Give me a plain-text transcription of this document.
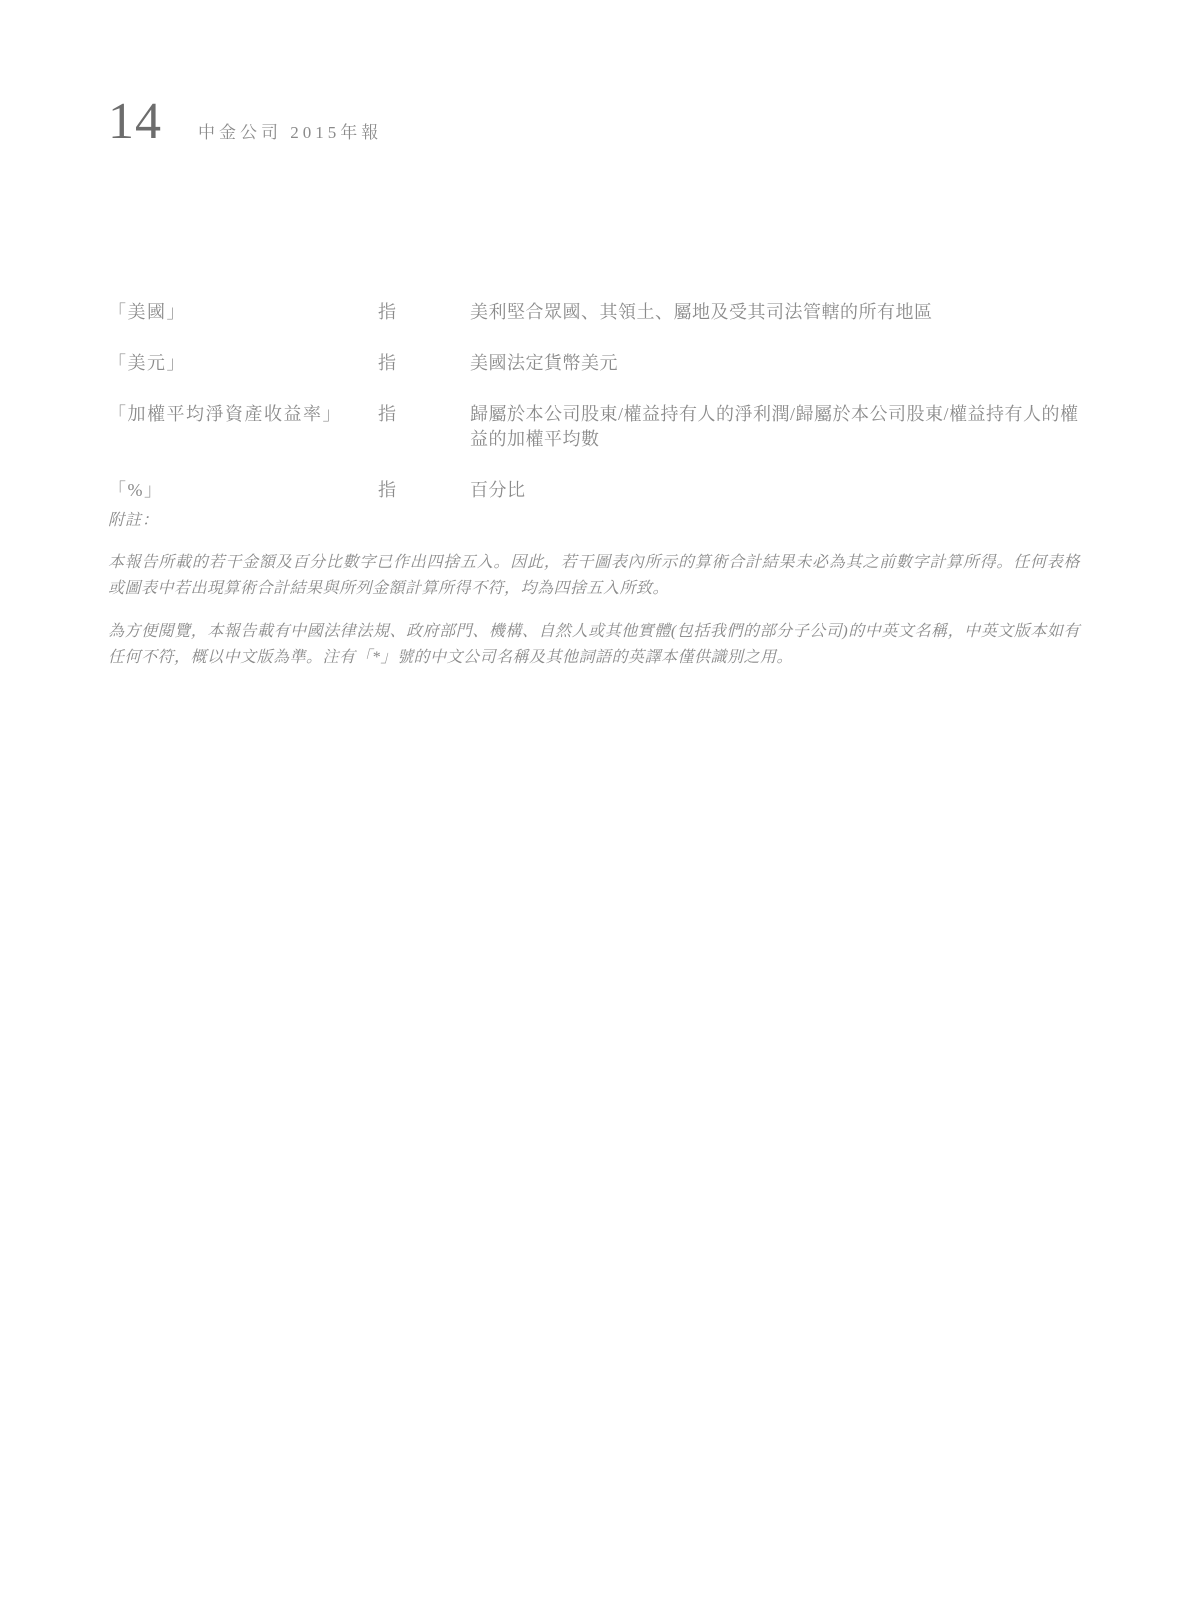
14 中金公司 2015年報
「美國」	指	美利堅合眾國、其領土、屬地及受其司法管轄的所有地區
「美元」	指	美國法定貨幣美元
「加權平均淨資產收益率」	指	歸屬於本公司股東/權益持有人的淨利潤/歸屬於本公司股東/權益持有人的權益的加權平均數
「%」	指	百分比
附註：

本報告所載的若干金額及百分比數字已作出四捨五入。因此，若干圖表內所示的算術合計結果未必為其之前數字計算所得。任何表格或圖表中若出現算術合計結果與所列金額計算所得不符，均為四捨五入所致。

為方便閱覽，本報告載有中國法律法規、政府部門、機構、自然人或其他實體(包括我們的部分子公司)的中英文名稱，中英文版本如有任何不符，概以中文版為準。注有「*」號的中文公司名稱及其他詞語的英譯本僅供識別之用。
